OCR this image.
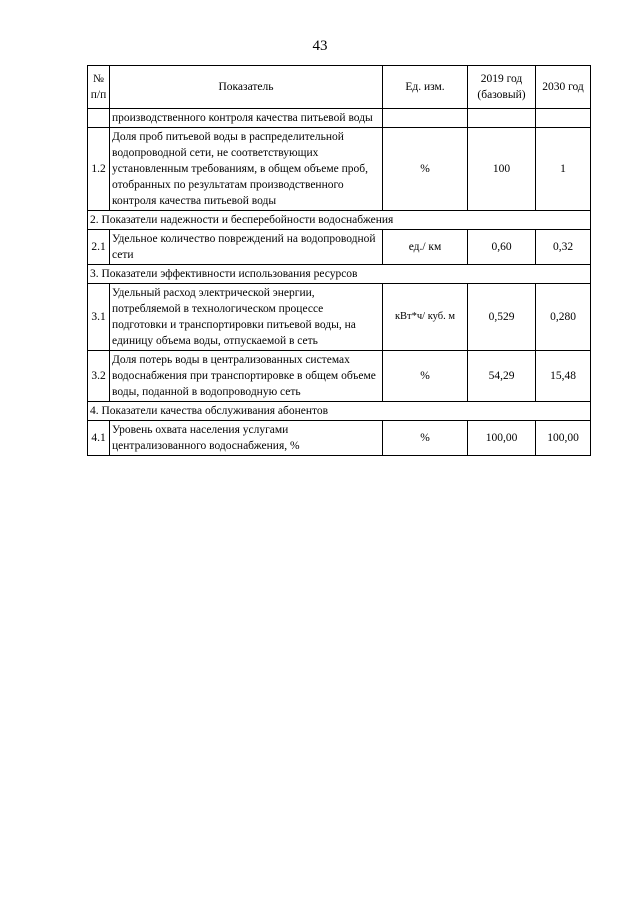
43
№ п/п	Показатель	Ед. изм.	2019 год (базовый)	2030 год
	производственного контроля качества питьевой воды			
1.2	Доля проб питьевой воды в распределительной водопроводной сети, не соответствующих установленным требованиям, в общем объеме проб, отобранных по результатам производственного контроля качества питьевой воды	%	100	1
2. Показатели надежности и бесперебойности водоснабжения				
2.1	Удельное количество повреждений на водопроводной сети	ед./ км	0,60	0,32
3. Показатели эффективности использования ресурсов				
3.1	Удельный расход электрической энергии, потребляемой в технологическом процессе подготовки и транспортировки питьевой воды, на единицу объема воды, отпускаемой в сеть	кВт*ч/ куб. м	0,529	0,280
3.2	Доля потерь воды в централизованных системах водоснабжения при транспортировке в общем объеме воды, поданной в водопроводную сеть	%	54,29	15,48
4. Показатели качества обслуживания абонентов				
4.1	Уровень охвата населения услугами централизованного водоснабжения, %	%	100,00	100,00
